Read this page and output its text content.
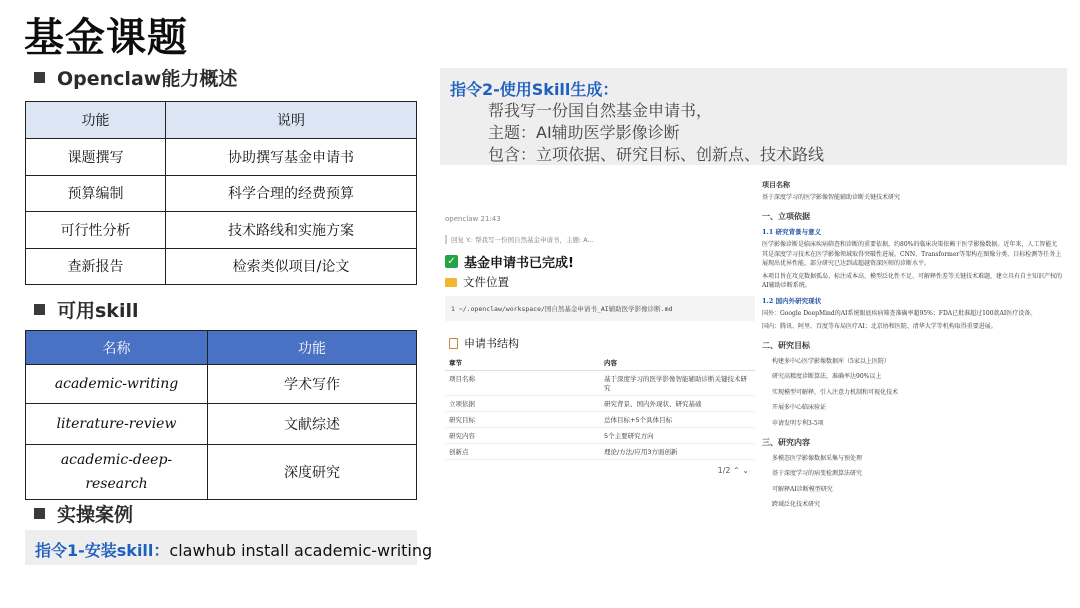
基金课题
Openclaw能力概述
功能	说明
课题撰写	协助撰写基金申请书
预算编制	科学合理的经费预算
可行性分析	技术路线和实施方案
查新报告	检索类似项目/论文
可用skill
名称	功能
academic-writing	学术写作
literature-review	文献综述
academic-deep-research	深度研究
实操案例
指令1-安装skill：clawhub install academic-writing
指令2-使用Skill生成：
帮我写一份国自然基金申请书，
主题：AI辅助医学影像诊断
包含：立项依据、研究目标、创新点、技术路线
openclaw 21:43
回复 Y.: 帮我写一份国自然基金申请书，主题: A...
✓ 基金申请书已完成!
文件位置
1 ~/.openclaw/workspace/国自然基金申请书_AI辅助医学影像诊断.md
申请书结构
章节	内容
项目名称	基于深度学习的医学影像智能辅助诊断关键技术研究
立项依据	研究背景、国内外现状、研究基础
研究目标	总体目标+5个具体目标
研究内容	5个主要研究方向
创新点	理论/方法/应用3方面创新
1/2 ⌃ ⌄
项目名称
基于深度学习的医学影像智能辅助诊断关键技术研究
一、立项依据
1.1 研究背景与意义
医学影像诊断是临床疾病筛查和诊断的重要依据，约80%的临床决策依赖于医学影像数据。近年来，人工智能尤其是深度学习技术在医学影像领域取得突破性进展，CNN、Transformer等架构在图像分类、目标检测等任务上展现出优异性能，部分研究已达到或超越资深医师的诊断水平。
本项目旨在攻克数据孤岛、标注成本高、模型泛化性不足、可解释性差等关键技术难题，建立具有自主知识产权的AI辅助诊断系统。
1.2 国内外研究现状
国外：Google DeepMind的AI系统眼底疾病筛查准确率超95%；FDA已批准超过100款AI医疗设备。
国内：腾讯、阿里、百度等布局医疗AI；北京协和医院、清华大学等机构取得重要进展。
二、研究目标
构建多中心医学影像数据库（5家以上医院）
研究高精度诊断算法，准确率达90%以上
实现模型可解释，引入注意力机制和可视化技术
开展多中心临床验证
申请发明专利3-5项
三、研究内容
多模态医学影像数据采集与预处理
基于深度学习的病变检测算法研究
可解释AI诊断模型研究
跨域泛化技术研究
